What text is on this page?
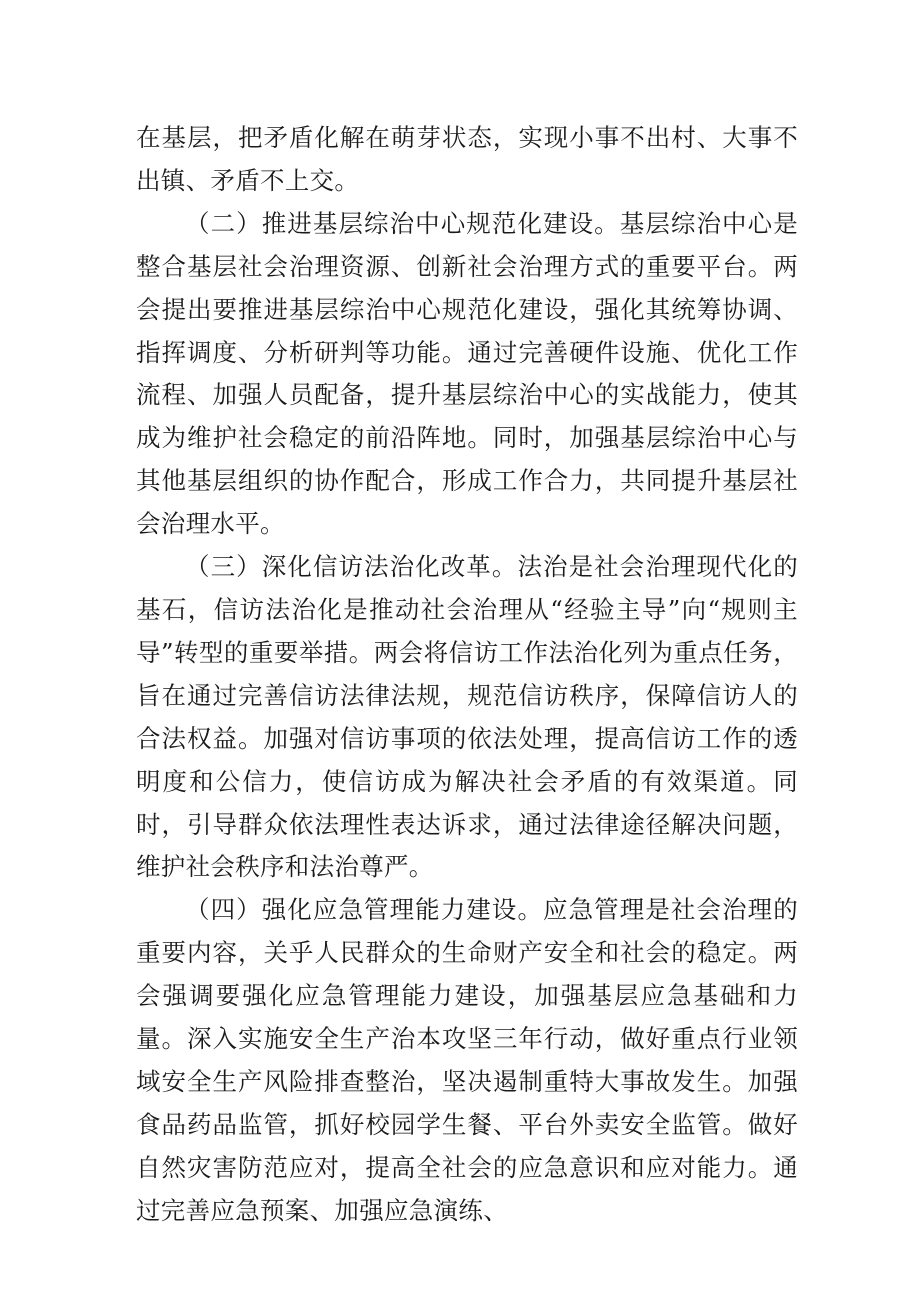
在基层，把矛盾化解在萌芽状态，实现小事不出村、大事不出镇、矛盾不上交。

（二）推进基层综治中心规范化建设。基层综治中心是整合基层社会治理资源、创新社会治理方式的重要平台。两会提出要推进基层综治中心规范化建设，强化其统筹协调、指挥调度、分析研判等功能。通过完善硬件设施、优化工作流程、加强人员配备，提升基层综治中心的实战能力，使其成为维护社会稳定的前沿阵地。同时，加强基层综治中心与其他基层组织的协作配合，形成工作合力，共同提升基层社会治理水平。

（三）深化信访法治化改革。法治是社会治理现代化的基石，信访法治化是推动社会治理从“经验主导”向“规则主导”转型的重要举措。两会将信访工作法治化列为重点任务，旨在通过完善信访法律法规，规范信访秩序，保障信访人的合法权益。加强对信访事项的依法处理，提高信访工作的透明度和公信力，使信访成为解决社会矛盾的有效渠道。同时，引导群众依法理性表达诉求，通过法律途径解决问题，维护社会秩序和法治尊严。

（四）强化应急管理能力建设。应急管理是社会治理的重要内容，关乎人民群众的生命财产安全和社会的稳定。两会强调要强化应急管理能力建设，加强基层应急基础和力量。深入实施安全生产治本攻坚三年行动，做好重点行业领域安全生产风险排查整治，坚决遏制重特大事故发生。加强食品药品监管，抓好校园学生餐、平台外卖安全监管。做好自然灾害防范应对，提高全社会的应急意识和应对能力。通过完善应急预案、加强应急演练、
